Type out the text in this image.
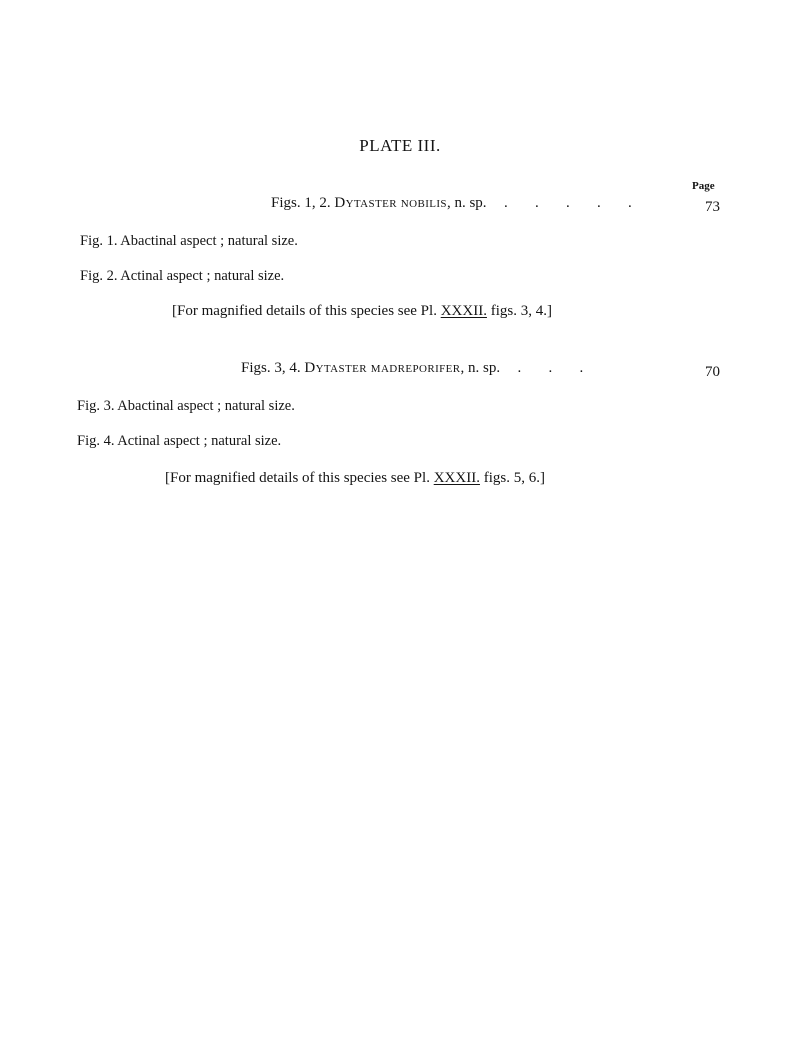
PLATE III.
Page
Figs. 1, 2. Dytaster nobilis, n. sp. . . . . .	73
Fig. 1. Abactinal aspect ; natural size.
Fig. 2. Actinal aspect ; natural size.
[For magnified details of this species see Pl. XXXII. figs. 3, 4.]
Figs. 3, 4. Dytaster madreporifer, n. sp. . . .	70
Fig. 3. Abactinal aspect ; natural size.
Fig. 4. Actinal aspect ; natural size.
[For magnified details of this species see Pl. XXXII. figs. 5, 6.]
